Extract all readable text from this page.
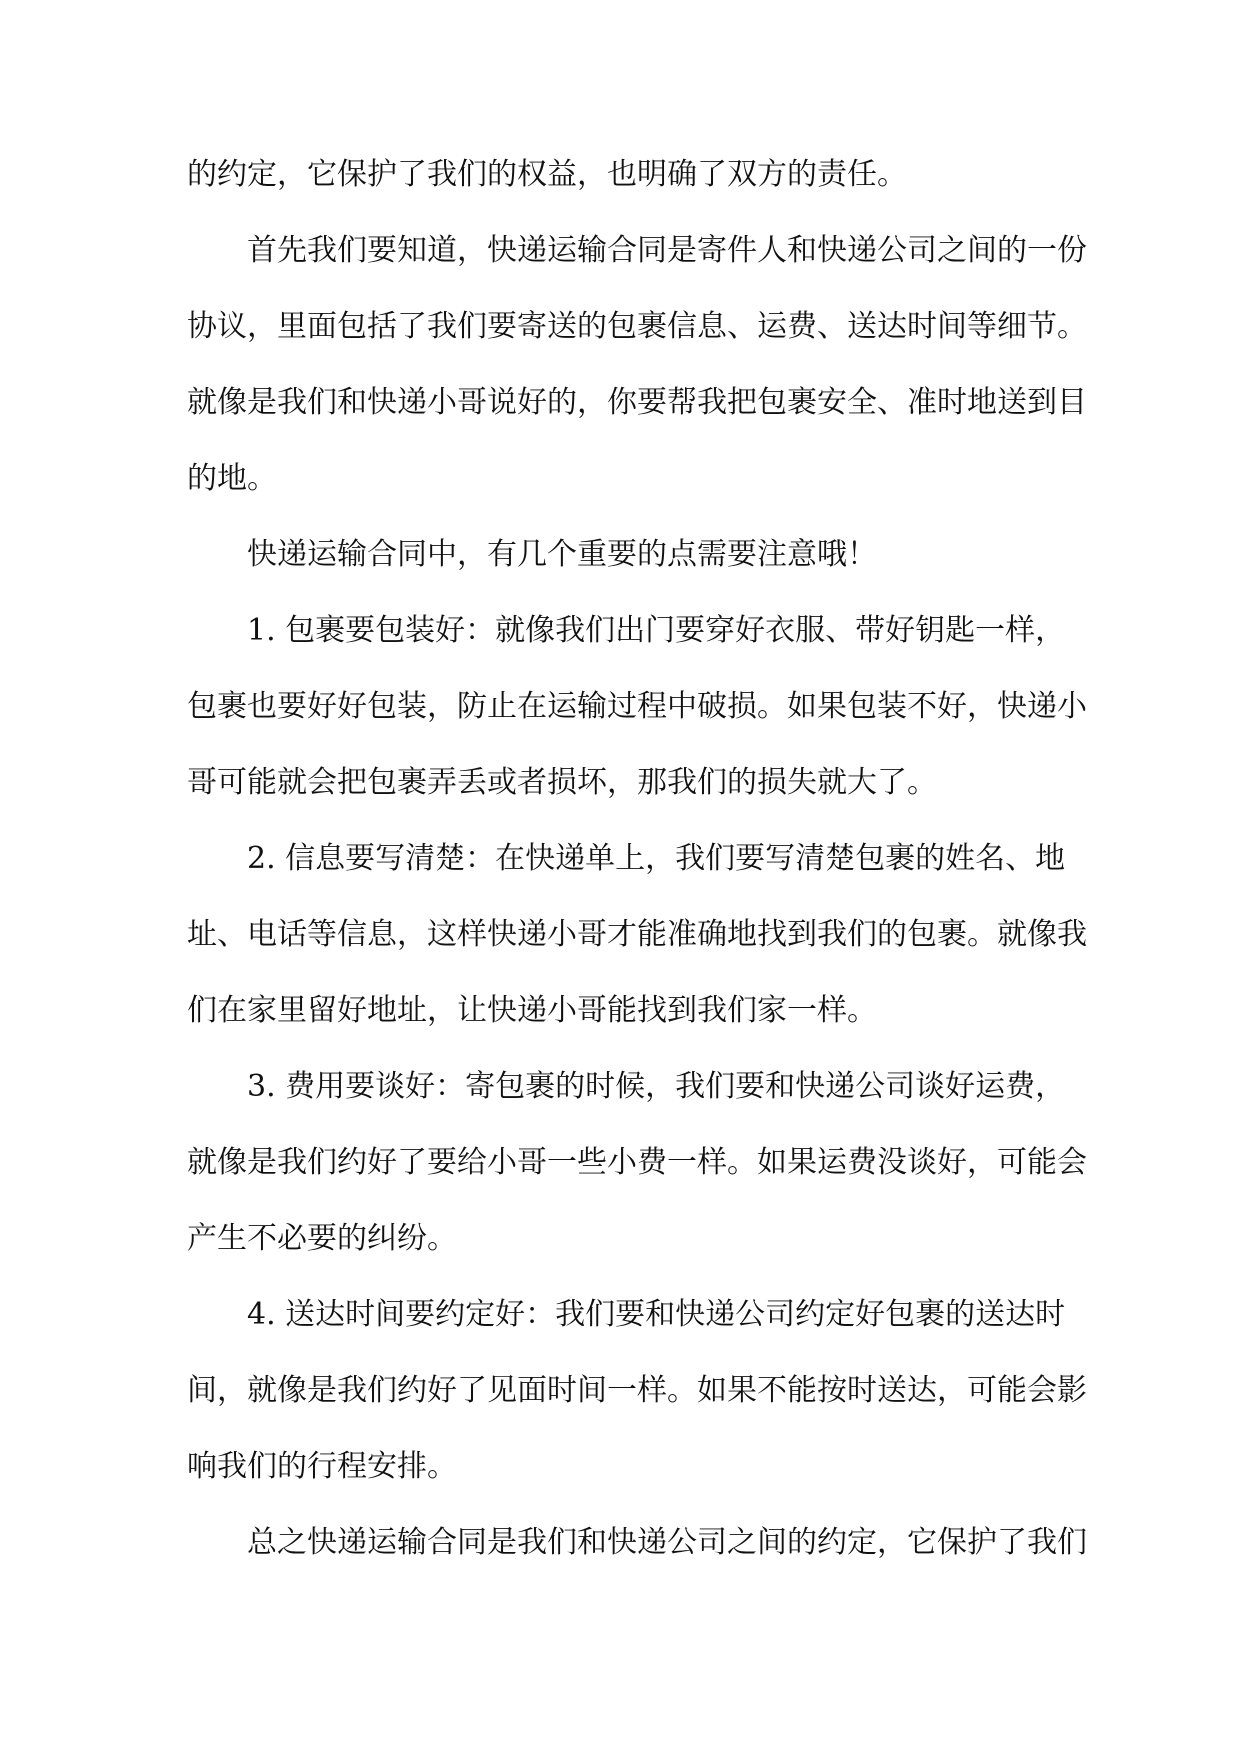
的约定，它保护了我们的权益，也明确了双方的责任。

首先我们要知道，快递运输合同是寄件人和快递公司之间的一份

协议，里面包括了我们要寄送的包裹信息、运费、送达时间等细节。

就像是我们和快递小哥说好的，你要帮我把包裹安全、准时地送到目

的地。

快递运输合同中，有几个重要的点需要注意哦！

1. 包裹要包装好：就像我们出门要穿好衣服、带好钥匙一样，

包裹也要好好包装，防止在运输过程中破损。如果包装不好，快递小

哥可能就会把包裹弄丢或者损坏，那我们的损失就大了。

2. 信息要写清楚：在快递单上，我们要写清楚包裹的姓名、地

址、电话等信息，这样快递小哥才能准确地找到我们的包裹。就像我

们在家里留好地址，让快递小哥能找到我们家一样。

3. 费用要谈好：寄包裹的时候，我们要和快递公司谈好运费，

就像是我们约好了要给小哥一些小费一样。如果运费没谈好，可能会

产生不必要的纠纷。

4. 送达时间要约定好：我们要和快递公司约定好包裹的送达时

间，就像是我们约好了见面时间一样。如果不能按时送达，可能会影

响我们的行程安排。

总之快递运输合同是我们和快递公司之间的约定，它保护了我们
